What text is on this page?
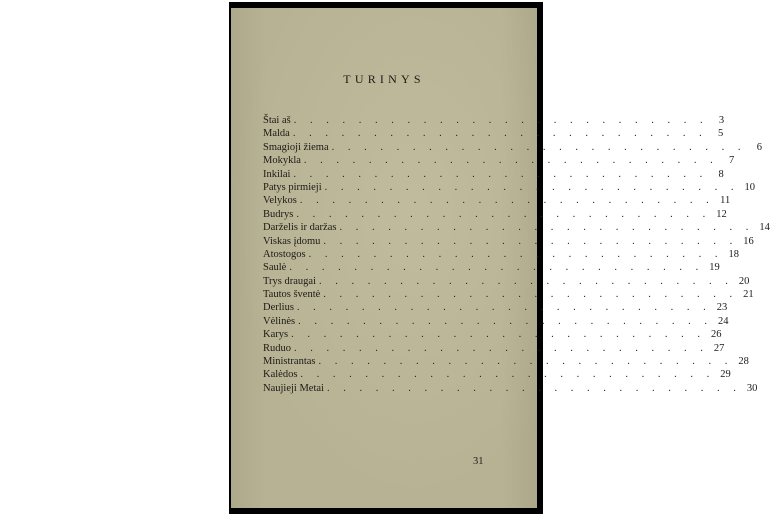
TURINYS
Štai aš . . . . . . . . . . . . . . . . . . . . . . . . . .	3
Malda . . . . . . . . . . . . . . . . . . . . . . . . . .	5
Smagioji žiema . . . . . . . . . . . . . . . . . . . . . . . . . .	6
Mokykla . . . . . . . . . . . . . . . . . . . . . . . . . .	7
Inkilai . . . . . . . . . . . . . . . . . . . . . . . . . .	8
Patys pirmieji . . . . . . . . . . . . . . . . . . . . . . . . . . 10
Velykos . . . . . . . . . . . . . . . . . . . . . . . . . . 11
Budrys . . . . . . . . . . . . . . . . . . . . . . . . . . 12
Darželis ir daržas . . . . . . . . . . . . . . . . . . . . . . . . . . 14
Viskas įdomu . . . . . . . . . . . . . . . . . . . . . . . . . . 16
Atostogos . . . . . . . . . . . . . . . . . . . . . . . . . . 18
Saulė . . . . . . . . . . . . . . . . . . . . . . . . . . 19
Trys draugai . . . . . . . . . . . . . . . . . . . . . . . . . . 20
Tautos šventė . . . . . . . . . . . . . . . . . . . . . . . . . . 21
Derlius . . . . . . . . . . . . . . . . . . . . . . . . . . 23
Vėlinės . . . . . . . . . . . . . . . . . . . . . . . . . . 24
Karys . . . . . . . . . . . . . . . . . . . . . . . . . . 26
Ruduo . . . . . . . . . . . . . . . . . . . . . . . . . . 27
Ministrantas . . . . . . . . . . . . . . . . . . . . . . . . . . 28
Kalėdos . . . . . . . . . . . . . . . . . . . . . . . . . . 29
Naujieji Metai . . . . . . . . . . . . . . . . . . . . . . . . . . 30
31
